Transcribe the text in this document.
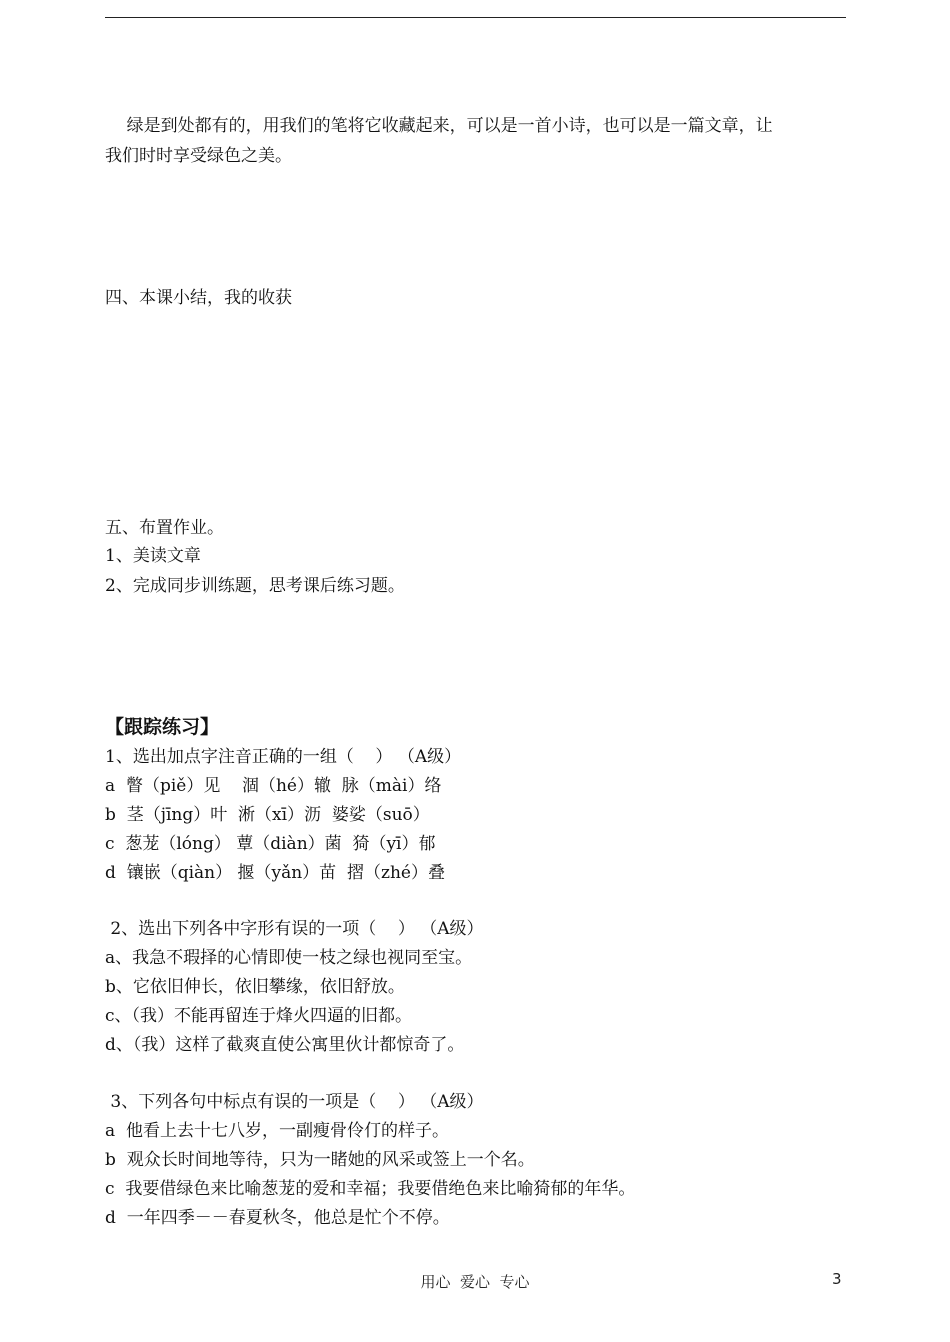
绿是到处都有的，用我们的笔将它收藏起来，可以是一首小诗，也可以是一篇文章，让
我们时时享受绿色之美。
四、本课小结，我的收获
五、布置作业。
1、美读文章
2、完成同步训练题，思考课后练习题。
【跟踪练习】
1、选出加点字注音正确的一组（    ） （A级）
a  瞥（piě）见    涸（hé）辙  脉（mài）络
b  茎（jīng）叶  淅（xī）沥  婆娑（suō）
c  葱茏（lóng） 蕈（diàn）菌  猗（yī）郁
d  镶嵌（qiàn） 揠（yǎn）苗  摺（zhé）叠
2、选出下列各中字形有误的一项（    ） （A级）
a、我急不瑕择的心情即使一枝之绿也视同至宝。
b、它依旧伸长，依旧攀缘，依旧舒放。
c、（我）不能再留连于烽火四逼的旧都。
d、（我）这样了截爽直使公寓里伙计都惊奇了。
3、下列各句中标点有误的一项是（    ） （A级）
a  他看上去十七八岁，一副瘦骨伶仃的样子。
b  观众长时间地等待，只为一睹她的风采或签上一个名。
c  我要借绿色来比喻葱茏的爱和幸福；我要借绝色来比喻猗郁的年华。
d  一年四季－－春夏秋冬，他总是忙个不停。
用心  爱心  专心	3
